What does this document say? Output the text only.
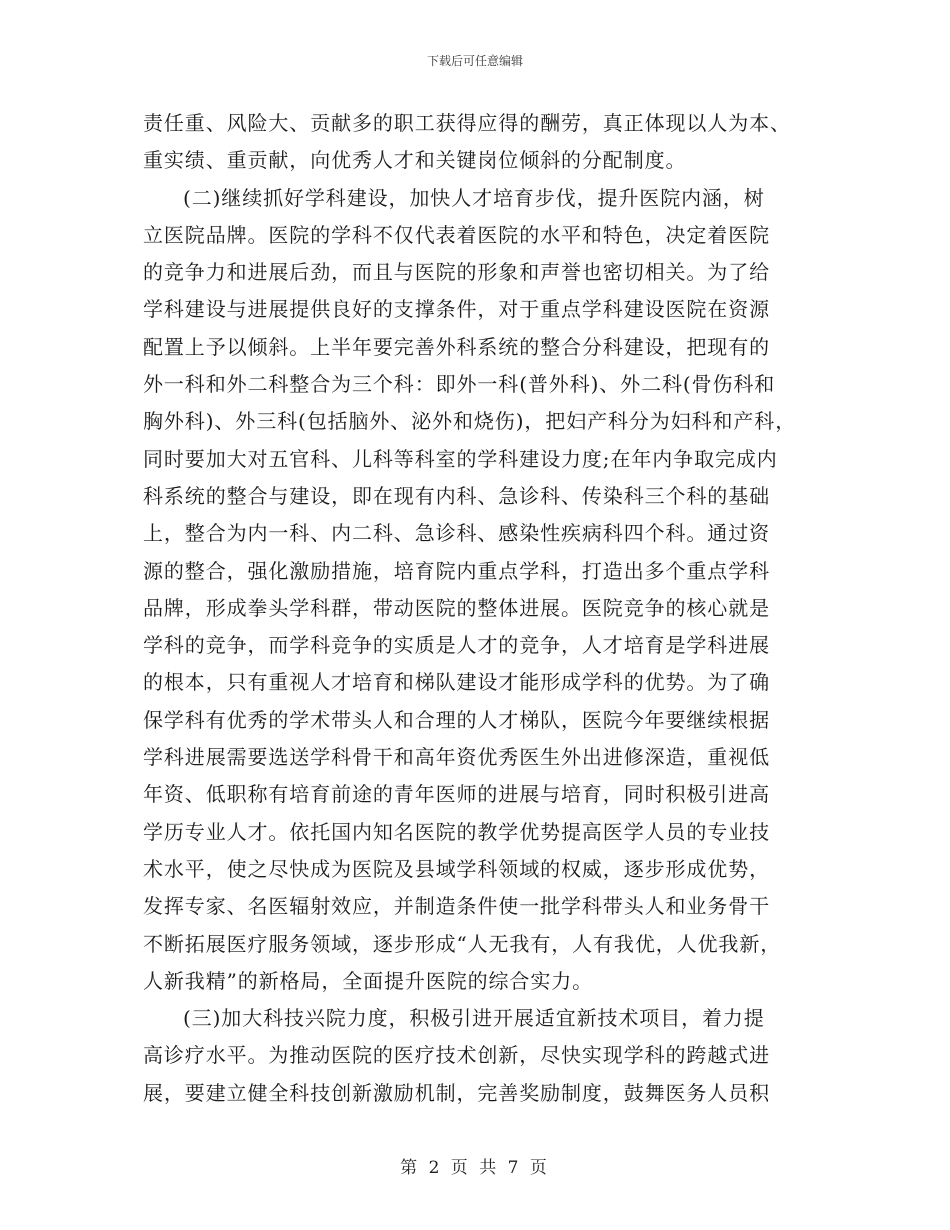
下载后可任意编辑
责任重、风险大、贡献多的职工获得应得的酬劳，真正体现以人为本、
重实绩、重贡献，向优秀人才和关键岗位倾斜的分配制度。
(二)继续抓好学科建设，加快人才培育步伐，提升医院内涵，树
立医院品牌。医院的学科不仅代表着医院的水平和特色，决定着医院
的竞争力和进展后劲，而且与医院的形象和声誉也密切相关。为了给
学科建设与进展提供良好的支撑条件，对于重点学科建设医院在资源
配置上予以倾斜。上半年要完善外科系统的整合分科建设，把现有的
外一科和外二科整合为三个科：即外一科(普外科)、外二科(骨伤科和
胸外科)、外三科(包括脑外、泌外和烧伤)，把妇产科分为妇科和产科，
同时要加大对五官科、儿科等科室的学科建设力度;在年内争取完成内
科系统的整合与建设，即在现有内科、急诊科、传染科三个科的基础
上，整合为内一科、内二科、急诊科、感染性疾病科四个科。通过资
源的整合，强化激励措施，培育院内重点学科，打造出多个重点学科
品牌，形成拳头学科群，带动医院的整体进展。医院竞争的核心就是
学科的竞争，而学科竞争的实质是人才的竞争，人才培育是学科进展
的根本，只有重视人才培育和梯队建设才能形成学科的优势。为了确
保学科有优秀的学术带头人和合理的人才梯队，医院今年要继续根据
学科进展需要选送学科骨干和高年资优秀医生外出进修深造，重视低
年资、低职称有培育前途的青年医师的进展与培育，同时积极引进高
学历专业人才。依托国内知名医院的教学优势提高医学人员的专业技
术水平，使之尽快成为医院及县域学科领域的权威，逐步形成优势，
发挥专家、名医辐射效应，并制造条件使一批学科带头人和业务骨干
不断拓展医疗服务领域，逐步形成“人无我有，人有我优，人优我新，
人新我精”的新格局，全面提升医院的综合实力。
(三)加大科技兴院力度，积极引进开展适宜新技术项目，着力提
高诊疗水平。为推动医院的医疗技术创新，尽快实现学科的跨越式进
展，要建立健全科技创新激励机制，完善奖励制度，鼓舞医务人员积
第 2 页 共 7 页
